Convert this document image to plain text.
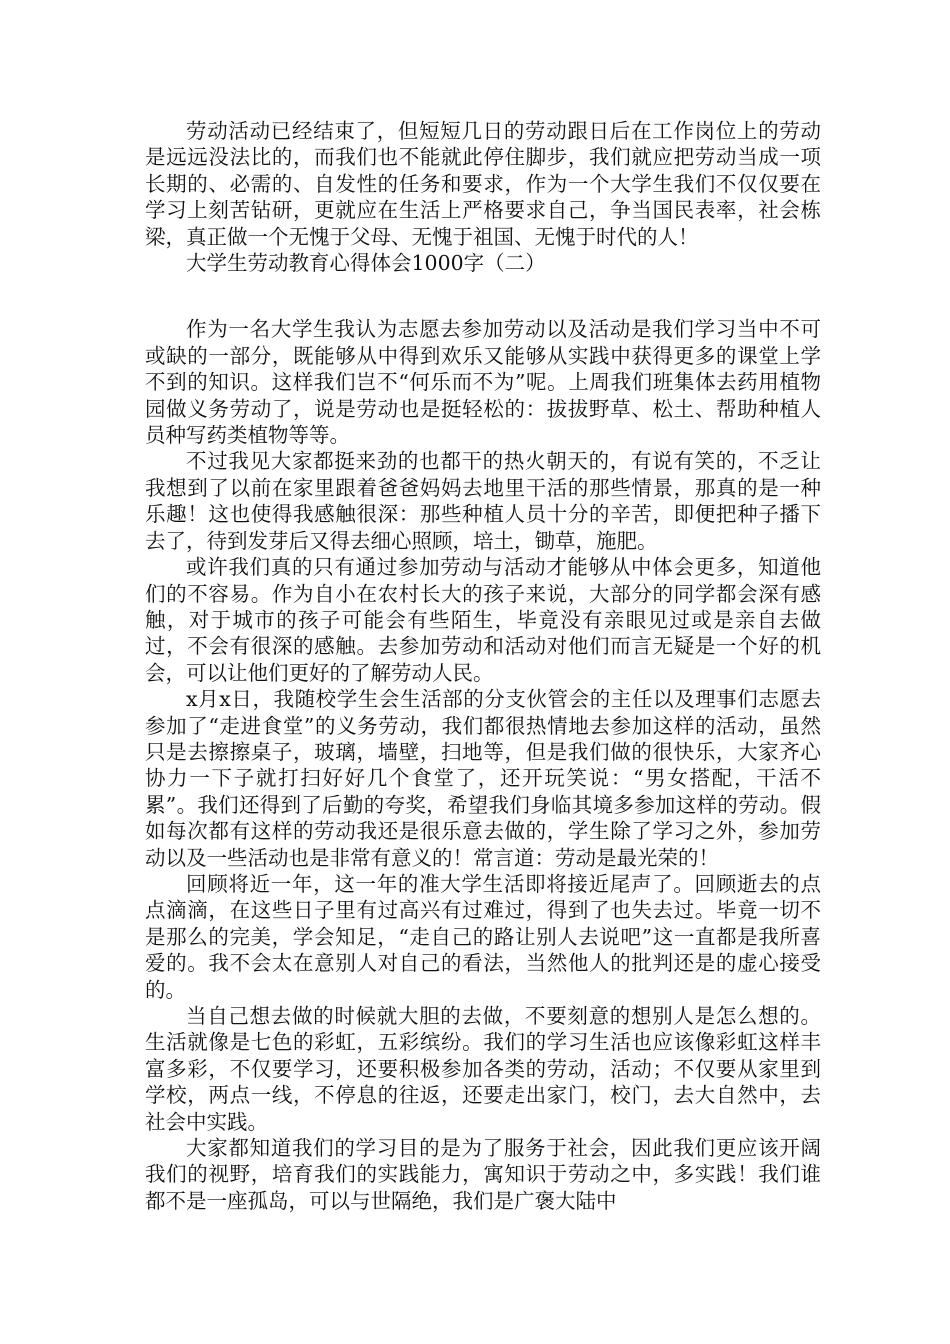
劳动活动已经结束了，但短短几日的劳动跟日后在工作岗位上的劳动是远远没法比的，而我们也不能就此停住脚步，我们就应把劳动当成一项长期的、必需的、自发性的任务和要求，作为一个大学生我们不仅仅要在学习上刻苦钻研，更就应在生活上严格要求自己，争当国民表率，社会栋梁，真正做一个无愧于父母、无愧于祖国、无愧于时代的人！

大学生劳动教育心得体会1000字（二）

作为一名大学生我认为志愿去参加劳动以及活动是我们学习当中不可或缺的一部分，既能够从中得到欢乐又能够从实践中获得更多的课堂上学不到的知识。这样我们岂不“何乐而不为”呢。上周我们班集体去药用植物园做义务劳动了，说是劳动也是挺轻松的：拔拔野草、松土、帮助种植人员种写药类植物等等。

不过我见大家都挺来劲的也都干的热火朝天的，有说有笑的，不乏让我想到了以前在家里跟着爸爸妈妈去地里干活的那些情景，那真的是一种乐趣！这也使得我感触很深：那些种植人员十分的辛苦，即便把种子播下去了，待到发芽后又得去细心照顾，培土，锄草，施肥。

或许我们真的只有通过参加劳动与活动才能够从中体会更多，知道他们的不容易。作为自小在农村长大的孩子来说，大部分的同学都会深有感触，对于城市的孩子可能会有些陌生，毕竟没有亲眼见过或是亲自去做过，不会有很深的感触。去参加劳动和活动对他们而言无疑是一个好的机会，可以让他们更好的了解劳动人民。

x月x日，我随校学生会生活部的分支伙管会的主任以及理事们志愿去参加了“走进食堂”的义务劳动，我们都很热情地去参加这样的活动，虽然只是去擦擦桌子，玻璃，墙壁，扫地等，但是我们做的很快乐，大家齐心协力一下子就打扫好好几个食堂了，还开玩笑说：“男女搭配，干活不累”。我们还得到了后勤的夸奖，希望我们身临其境多参加这样的劳动。假如每次都有这样的劳动我还是很乐意去做的，学生除了学习之外，参加劳动以及一些活动也是非常有意义的！常言道：劳动是最光荣的！

回顾将近一年，这一年的准大学生活即将接近尾声了。回顾逝去的点点滴滴，在这些日子里有过高兴有过难过，得到了也失去过。毕竟一切不是那么的完美，学会知足，“走自己的路让别人去说吧”这一直都是我所喜爱的。我不会太在意别人对自己的看法，当然他人的批判还是的虚心接受的。

当自己想去做的时候就大胆的去做，不要刻意的想别人是怎么想的。生活就像是七色的彩虹，五彩缤纷。我们的学习生活也应该像彩虹这样丰富多彩，不仅要学习，还要积极参加各类的劳动，活动；不仅要从家里到学校，两点一线，不停息的往返，还要走出家门，校门，去大自然中，去社会中实践。

大家都知道我们的学习目的是为了服务于社会，因此我们更应该开阔我们的视野，培育我们的实践能力，寓知识于劳动之中，多实践！我们谁都不是一座孤岛，可以与世隔绝，我们是广褒大陆中
